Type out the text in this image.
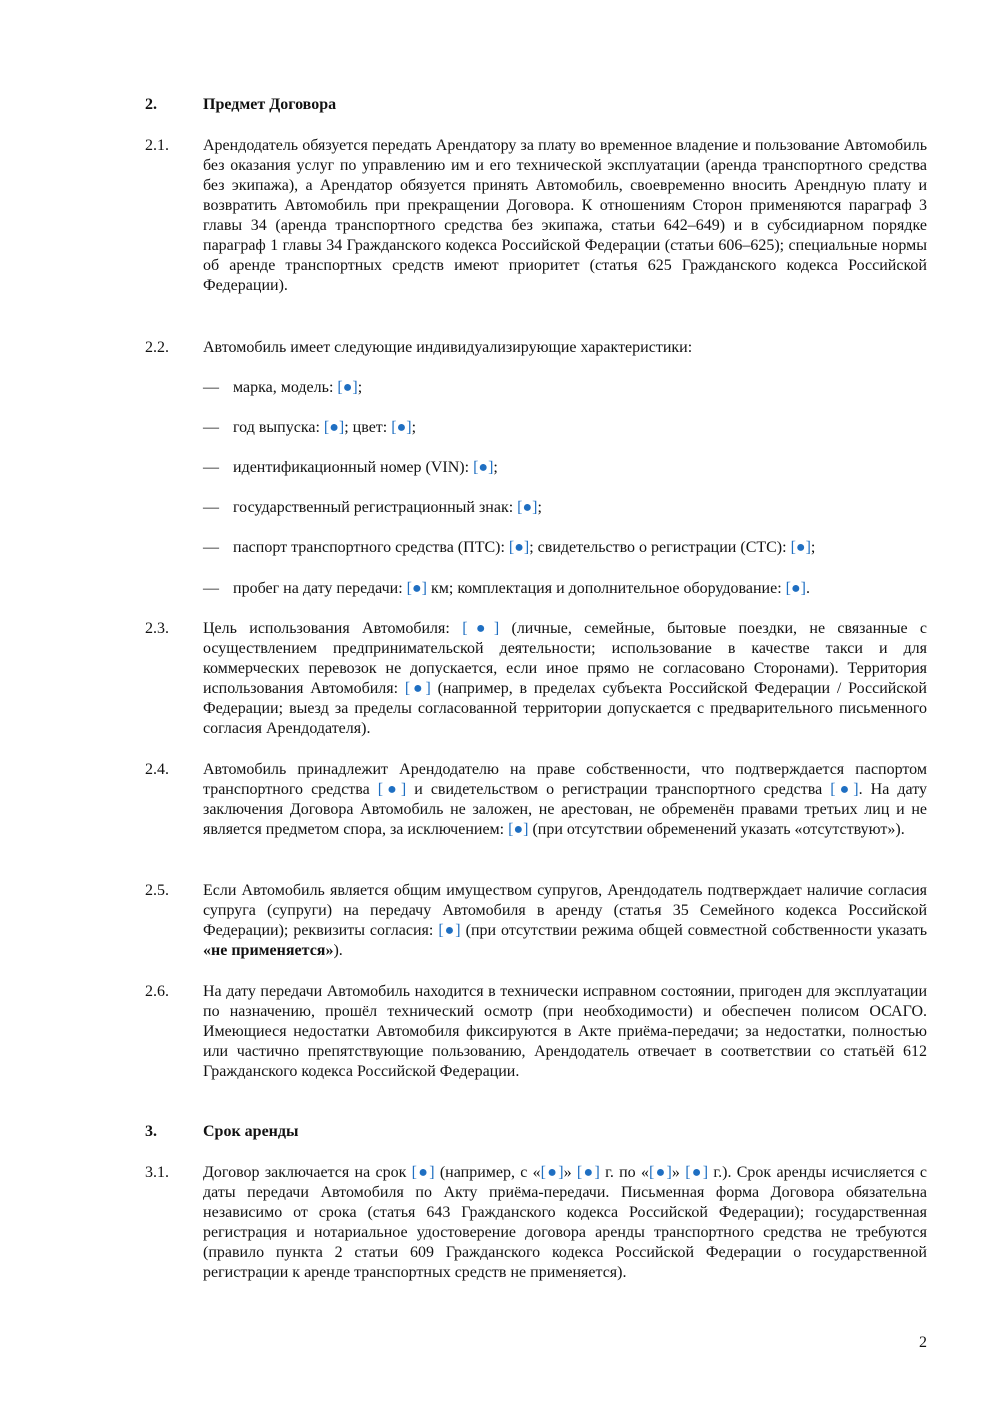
2.	Предмет Договора
2.1. Арендодатель обязуется передать Арендатору за плату во временное владение и пользование Автомобиль без оказания услуг по управлению им и его технической эксплуатации (аренда транспортного средства без экипажа), а Арендатор обязуется принять Автомобиль, своевременно вносить Арендную плату и возвратить Автомобиль при прекращении Договора. К отношениям Сторон применяются параграф 3 главы 34 (аренда транспортного средства без экипажа, статьи 642–649) и в субсидиарном порядке параграф 1 главы 34 Гражданского кодекса Российской Федерации (статьи 606–625); специальные нормы об аренде транспортных средств имеют приоритет (статья 625 Гражданского кодекса Российской Федерации).
2.2. Автомобиль имеет следующие индивидуализирующие характеристики:
— марка, модель: [●];
— год выпуска: [●]; цвет: [●];
— идентификационный номер (VIN): [●];
— государственный регистрационный знак: [●];
— паспорт транспортного средства (ПТС): [●]; свидетельство о регистрации (СТС): [●];
— пробег на дату передачи: [●] км; комплектация и дополнительное оборудование: [●].
2.3. Цель использования Автомобиля: [●] (личные, семейные, бытовые поездки, не связанные с осуществлением предпринимательской деятельности; использование в качестве такси и для коммерческих перевозок не допускается, если иное прямо не согласовано Сторонами). Территория использования Автомобиля: [●] (например, в пределах субъекта Российской Федерации / Российской Федерации; выезд за пределы согласованной территории допускается с предварительного письменного согласия Арендодателя).
2.4. Автомобиль принадлежит Арендодателю на праве собственности, что подтверждается паспортом транспортного средства [●] и свидетельством о регистрации транспортного средства [●]. На дату заключения Договора Автомобиль не заложен, не арестован, не обременён правами третьих лиц и не является предметом спора, за исключением: [●] (при отсутствии обременений указать «отсутствуют»).
2.5. Если Автомобиль является общим имуществом супругов, Арендодатель подтверждает наличие согласия супруга (супруги) на передачу Автомобиля в аренду (статья 35 Семейного кодекса Российской Федерации); реквизиты согласия: [●] (при отсутствии режима общей совместной собственности указать «не применяется»).
2.6. На дату передачи Автомобиль находится в технически исправном состоянии, пригоден для эксплуатации по назначению, прошёл технический осмотр (при необходимости) и обеспечен полисом ОСАГО. Имеющиеся недостатки Автомобиля фиксируются в Акте приёма-передачи; за недостатки, полностью или частично препятствующие пользованию, Арендодатель отвечает в соответствии со статьёй 612 Гражданского кодекса Российской Федерации.
3.	Срок аренды
3.1. Договор заключается на срок [●] (например, с «[●]» [●] г. по «[●]» [●] г.). Срок аренды исчисляется с даты передачи Автомобиля по Акту приёма-передачи. Письменная форма Договора обязательна независимо от срока (статья 643 Гражданского кодекса Российской Федерации); государственная регистрация и нотариальное удостоверение договора аренды транспортного средства не требуются (правило пункта 2 статьи 609 Гражданского кодекса Российской Федерации о государственной регистрации к аренде транспортных средств не применяется).
2
